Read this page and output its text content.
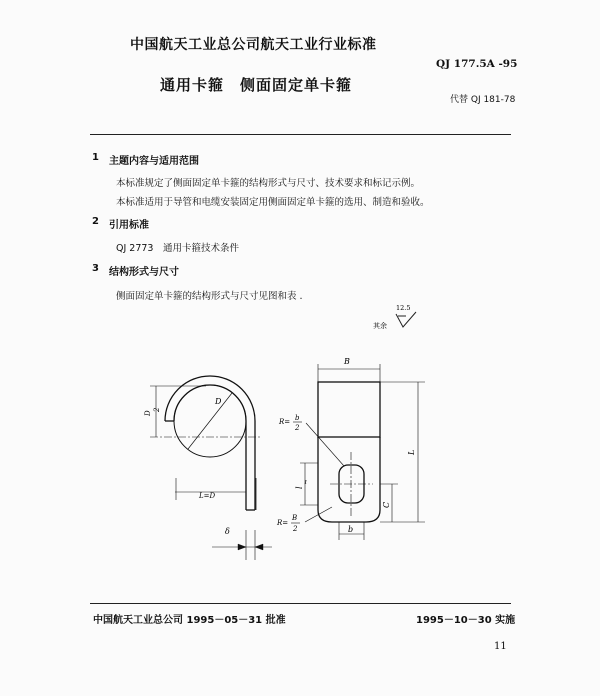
中国航天工业总公司航天工业行业标准
QJ 177.5A -95
通用卡箍　侧面固定单卡箍
代替 QJ 181-78
1 主题内容与适用范围
本标准规定了侧面固定单卡箍的结构形式与尺寸、技术要求和标记示例。
本标准适用于导管和电缆安装固定用侧面固定单卡箍的选用、制造和验收。
2 引用标准
QJ 2773　通用卡箍技术条件
3 结构形式与尺寸
侧面固定单卡箍的结构形式与尺寸见图和表 .
12.5
其余
D
D
2
L=D
δ
B
R= b
2
L
l
1
C
R=
B
2	b
中国航天工业总公司 1995－05－31 批准	1995－10－30 实施
11
